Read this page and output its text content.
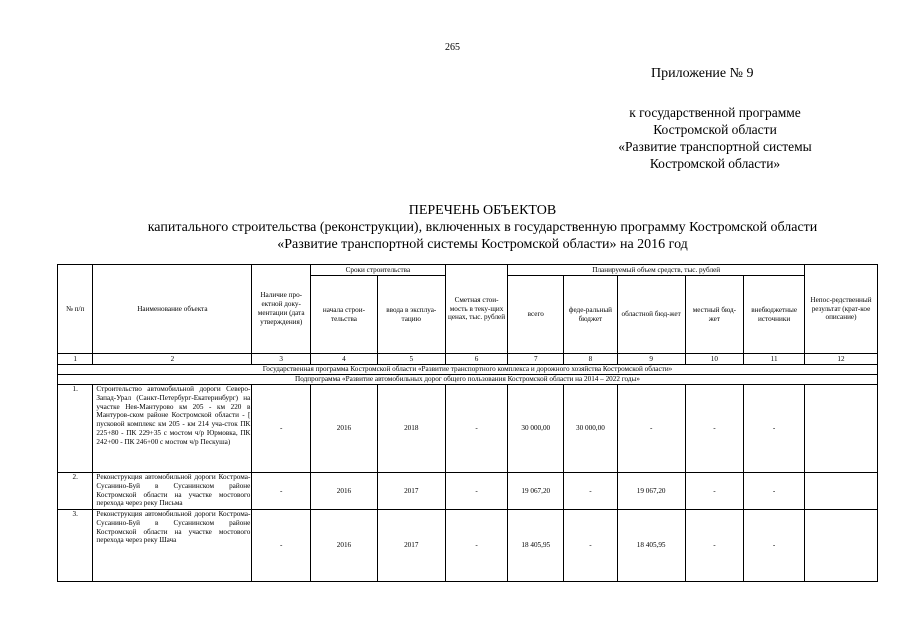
265
Приложение № 9
к государственной программе
Костромской области
«Развитие транспортной системы
Костромской области»
ПЕРЕЧЕНЬ ОБЪЕКТОВ
капитального строительства (реконструкции), включенных в государственную программу Костромской области
«Развитие транспортной системы Костромской области» на 2016 год
№ п/п	Наименование объекта	Наличие про-ектной доку-ментации (дата утверждения)	Сроки строительства		Сметная стои-мость в теку-щих ценах, тыс. рублей	Планируемый объем средств, тыс. рублей					Непос-редственный результат (крат-кое описание)
			начала строи-тельства	ввода в эксплуа-тацию		всего	феде-ральный бюджет	областной бюд-жет	местный бюд-жет	внебюджетные источники	
1	2	3	4	5	6	7	8	9	10	11	12
Государственная программа Костромской области «Развитие транспортного комплекса и дорожного хозяйства Костромской области»											
Подпрограмма «Развитие автомобильных дорог общего пользования Костромской области на 2014 – 2022 годы»											
1.	Строительство автомобильной дороги Северо-Запад-Урал (Санкт-Петербург-Екатеринбург) на участке Нея-Мантурово км 205 - км 220 в Мантуров-ском районе Костромской области - [ пусковой комплекс км 205 - км 214 уча-сток ПК 225+80 - ПК 229+35 с мостом ч/р Юрмовка, ПК 242+00 - ПК 246+00 с мостом ч/р Пескуша)	-	2016	2018	-	30 000,00	30 000,00	-	-	-	
2.	Реконструкция автомобильной дороги Кострома-Сусанино-Буй в Сусанинском районе Костромской области на участке мостового перехода через реку Письма	-	2016	2017	-	19 067,20	-	19 067,20	-	-	
3.	Реконструкция автомобильной дороги Кострома-Сусанино-Буй в Сусанинском районе Костромской области на участке мостового перехода через реку Шача	-	2016	2017	-	18 405,95	-	18 405,95	-	-	
